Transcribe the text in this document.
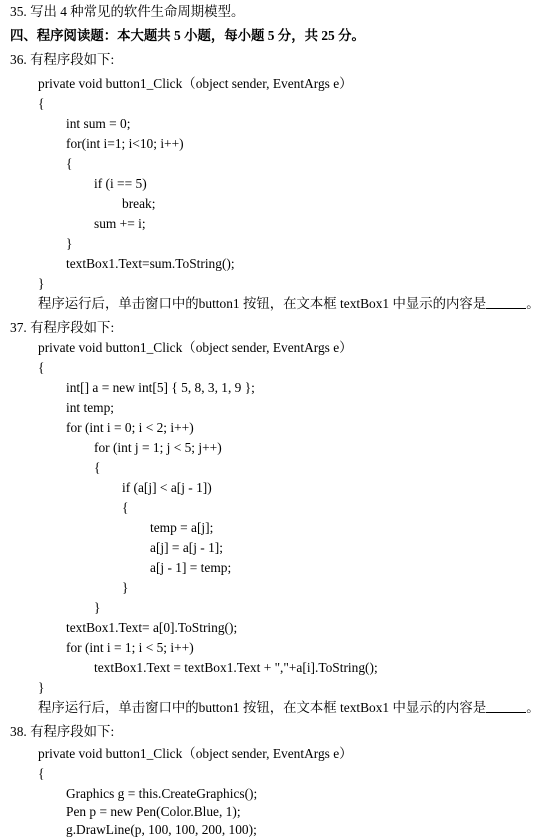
35. 写出 4 种常见的软件生命周期模型。
四、程序阅读题：本大题共 5 小题，每小题 5 分，共 25 分。
36. 有程序段如下:
private void button1_Click（object sender, EventArgs e）
{
int sum = 0;
for(int i=1; i<10; i++)
{
if (i == 5)
break;
sum += i;
}
textBox1.Text=sum.ToString();
}
程序运行后，单击窗口中的button1 按钮，在文本框 textBox1 中显示的内容是	。
37. 有程序段如下:
private void button1_Click（object sender, EventArgs e）
{
int[] a = new int[5] { 5, 8, 3, 1, 9 };
int temp;
for (int i = 0; i < 2; i++)
for (int j = 1; j < 5; j++)
{
if (a[j] < a[j - 1])
{
temp = a[j];
a[j] = a[j - 1];
a[j - 1] = temp;
}
}
textBox1.Text= a[0].ToString();
for (int i = 1; i < 5; i++)
textBox1.Text = textBox1.Text + ","+a[i].ToString();
}
程序运行后，单击窗口中的button1 按钮，在文本框 textBox1 中显示的内容是	。
38. 有程序段如下:
private void button1_Click（object sender, EventArgs e）
{
Graphics g = this.CreateGraphics();
Pen p = new Pen(Color.Blue, 1);
g.DrawLine(p, 100, 100, 200, 100);
